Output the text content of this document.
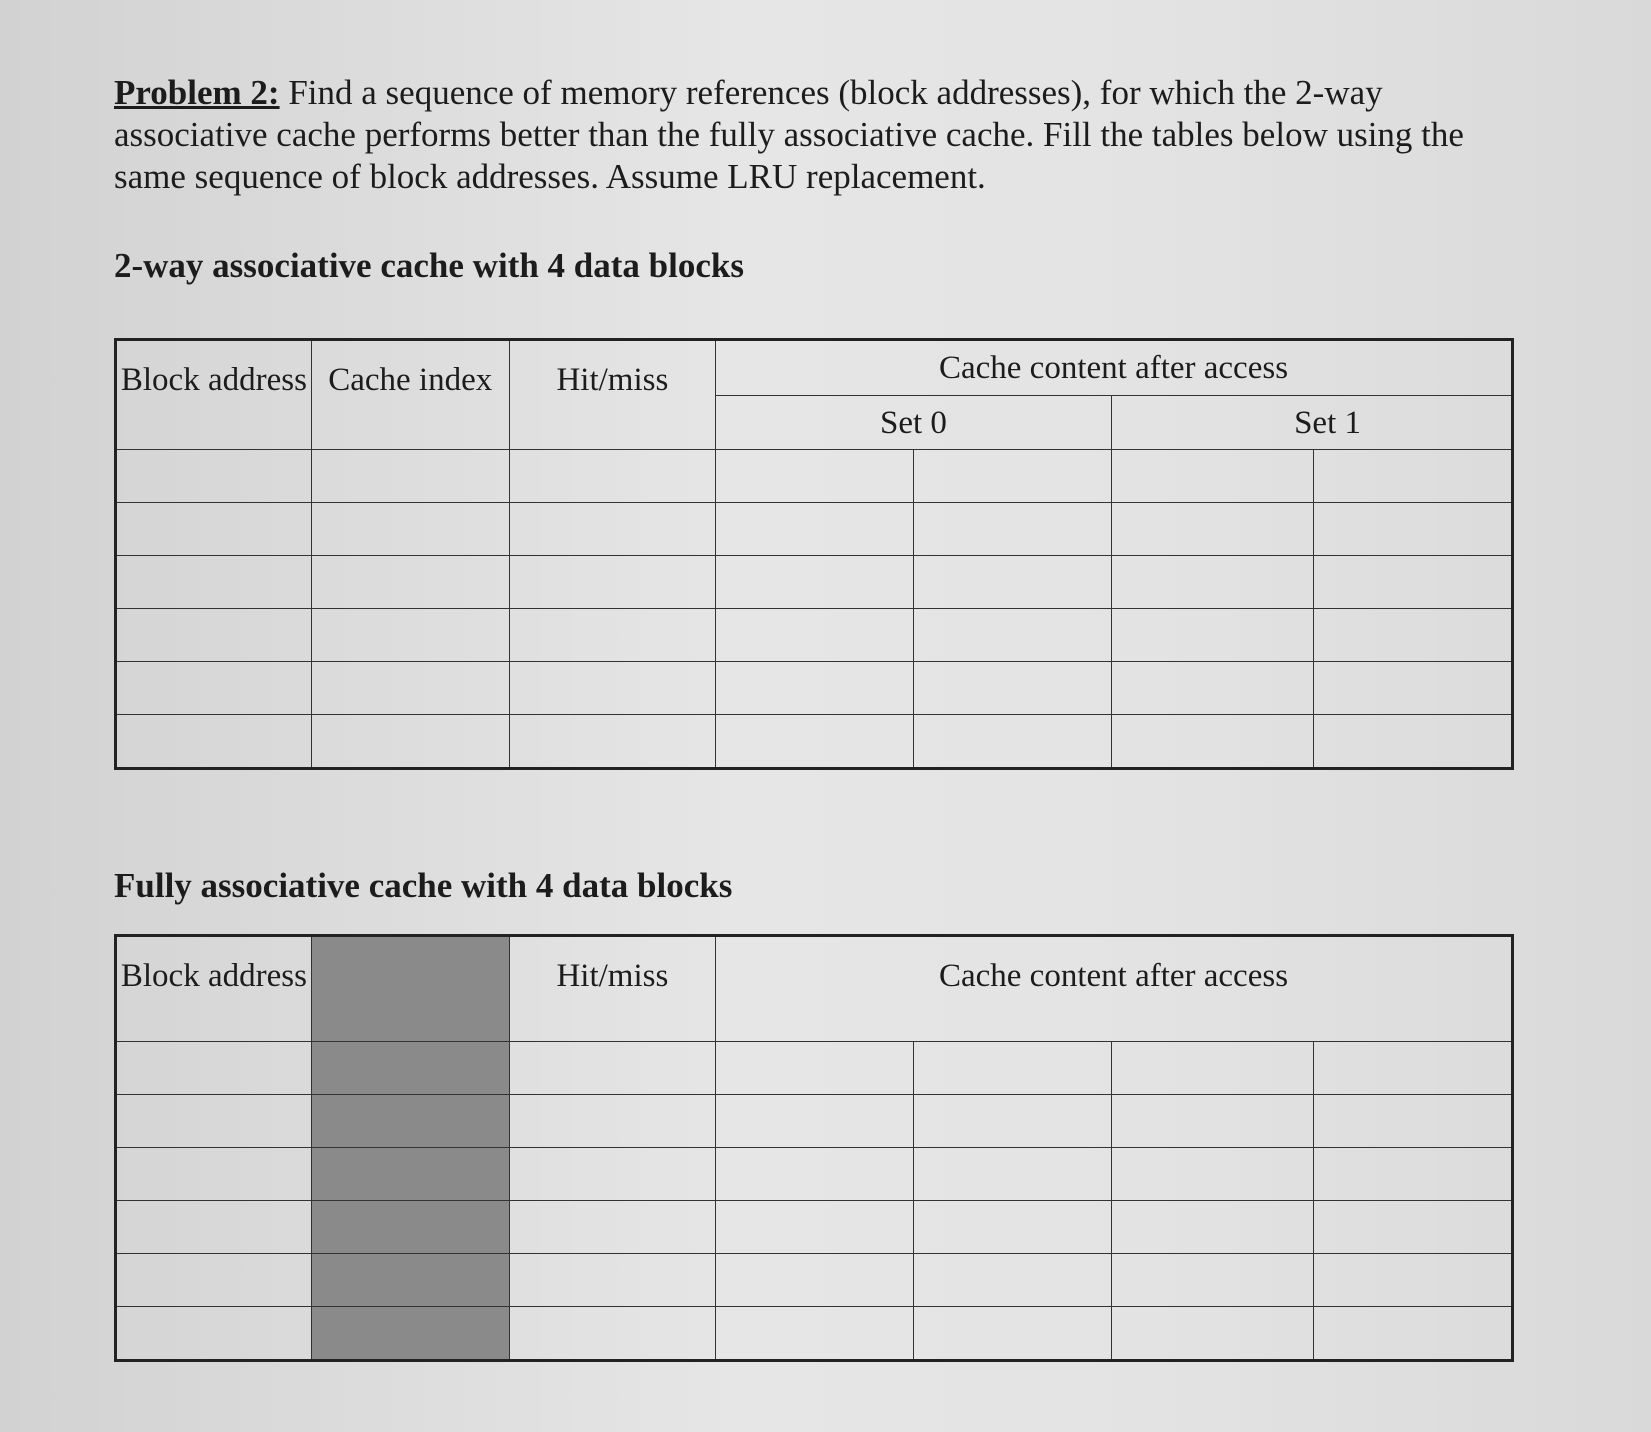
Problem 2: Find a sequence of memory references (block addresses), for which the 2-way associative cache performs better than the fully associative cache. Fill the tables below using the same sequence of block addresses. Assume LRU replacement.
2-way associative cache with 4 data blocks
Block address	Cache index	Hit/miss	Cache content after access			
			Set 0		Set 1	

Fully associative cache with 4 data blocks
Block address		Hit/miss	Cache content after access			
